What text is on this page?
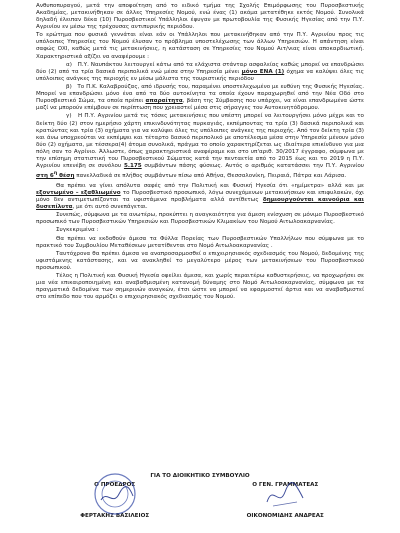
Ανθυποπυραγού, μετά την αποφοίτηση από το ειδικό τμήμα της Σχολής Επιμόρφωσης του Πυροσβεστικής Ακαδημίας, μετακινήθηκαν σε άλλες Υπηρεσίες Νομού, ενώ ένας (1) ακόμα μετατέθηκε εκτός Νομού. Συνολικά δηλαδή έλειπαν δέκα (10) Πυροσβεστικοί Υπάλληλοι έφυγαν με πρωτοβουλία της Φυσικής Ηγεσίας από την Π.Υ. Αγρινίου εν μέσω της τρέχουσας αντιπυρικής περιόδου.

Το ερώτημα που φυσικά γεννάται είναι εάν οι Υπάλληλοι που μετακινήθηκαν από την Π.Υ. Αγρινίου προς τις υπόλοιπες Υπηρεσίες του Νομού έλυσαν το πρόβλημα υποστελέχωσης των άλλων Υπηρεσιών. Η απάντηση είναι σαφώς ΟΧΙ, καθώς μετά τις μετακινήσεις, η κατάσταση σε Υπηρεσίες του Νομού Αιτ/νιας είναι αποκαρδιωτική. Χαρακτηριστικά αξίζει να αναφέρουμε :

α)   Π.Υ. Ναυπάκτου λειτουργεί κάτω από τα ελάχιστα στάνταρ ασφαλείας καθώς μπορεί να επανδρώσει δύο (2) από τα τρία δασικά περιπολικά ενώ μέσα στην Υπηρεσία μένει μόνο ΕΝΑ (1) όχημα να καλύψει όλες τις υπόλοιπες ανάγκες της περιοχής εν μέσω μάλιστα της τουριστικής περιόδου

β)   Το Π.Κ. Καλαβρούζας, από ιδρυσής του, παραμένει υποστελεχωμένο με ευθύνη της Φυσικής Ηγεσίας. Μπορεί να επανδρώσει μόνο ένα από τα δύο αυτοκίνητα τα οποία έχουν παραχωρηθεί από την Νέα Οδό στο Πυροσβεστικό Σώμα, τα οποία πρέπει απαραίτητα, βάση της Σύμβασης που υπάρχει, να είναι επανδρωμένα ώστε μαζί να μπορούν επέμβουν σε περίπτωση που χρειαστεί μέσα στις σήραγγες του Αυτοκινητόδρομου.

γ)   Η Π.Υ. Αγρινίου μετά τις τόσες μετακινήσεις που υπέστη μπορεί να λειτουργήσει μόνο μέχρι και το δείκτη δύο (2) στον ημερήσιο χάρτη επικινδυνότητας πυρκαγιάς, εκπέμποντας τα τρία (3) δασικά περιπολικά και κρατώντας και τρία (3) οχήματα για να καλύψει όλες τις υπόλοιπες ανάγκες της περιοχής. Από τον δείκτη τρία (3) και άνω υποχρεούται να εκπέμψει και τέταρτο δασικό περιπολικό με αποτέλεσμα μέσα στην Υπηρεσία μένουν μόνο δύο (2) οχήματα, με τέσσερα(4) άτομα συνολικά, πράγμα το οποίο χαρακτηρίζεται ως ιδιαίτερα επικίνδυνο για μια πόλη σαν το Αγρίνιο. Άλλωστε, όπως χαρακτηριστικά αναφέραμε και στο υπ'αριθ. 30/2017 έγγραφο, σύμφωνα με την επίσημη στατιστική του Πυροσβεστικού Σώματος κατά την πενταετία από το 2015 έως και το 2019 η Π.Υ. Αγρινίου επενέβη σε συνόλου 5.175 συμβάντων πάσης φύσεως. Αυτός ο αριθμός κατατάσσει την Π.Υ. Αγρινίου στη $6^\eta$ θέση πανελλαδικά σε πλήθος συμβάντων πίσω από Αθήνα, Θεσσαλονίκη, Πειραιά, Πάτρα και Λάρισα.

Θα πρέπει να γίνει απόλυτα σαφές από την Πολιτική και Φυσική Ηγεσία ότι «ημίμετρα» αλλά και με εξοντωμένο – εξαθλιωμένο το Πυροσβεστικό προσωπικό, λόγω συνεχόμενων μετακινήσεων και επιφυλακών, όχι μόνο δεν αντιμετωπίζονται τα υφιστάμενα προβλήματα αλλά αντίθετως δημιουργούνται καινούρια και δυσεπίλυτα, με ότι αυτό συνεπάγεται.

Συνεπώς, σύμφωνα με τα ανωτέρω, προκύπτει η αναγκαιότητα για άμεση ενίσχυση σε μόνιμο Πυροσβεστικό προσωπικό των Πυροσβεστικών Υπηρεσιών και Πυροσβεστικών Κλιμακίων του Νομού Αιτωλοακαρνανίας.

Συγκεκριμένα :

Θα πρέπει να εκδοθούν άμεσα τα Φύλλα Πορείας των Πυροσβεστικών Υπαλλήλων που σύμφωνα με το πρακτικό του Συμβουλίου Μεταθέσεων μετατίθενται στο Νομό Αιτωλοακαρνανίας .

Ταυτόχρονα θα πρέπει άμεσα να αναπροσαρμοσθεί ο επιχειρησιακός σχεδιασμός του Νομού, δεδομένης της υφιστάμενης κατάστασης, και να ανακληθεί το μεγαλύτερο μέρος των μετακινήσεων του Πυροσβεστικού προσωπικού.

Τέλος η Πολιτική και Φυσική Ηγεσία οφείλει άμεσα, και χωρίς περαιτέρω καθυστερήσεις, να προχωρήσει σε μια νέα επικαιροποιημένη και αναβαθμισμένη κατανομή δύναμης στο Νομό Αιτωλοακαρνανίας, σύμφωνα με τα πραγματικά δεδομένα των σημερινών αναγκών, έτσι ώστε να μπορεί να εφαρμοστεί άρτια και να αναβαθμιστεί στο επίπεδο που του αρμόζει ο επιχειρησιακός σχεδιασμός του Νομού.

ΓΙΑ ΤΟ ΔΙΟΙΚΗΤΙΚΟ ΣΥΜΒΟΥΛΙΟ
Ο ΠΡΟΕΔΡΟΣ
ΦΕΡΤΑΚΗΣ ΒΑΣΙΛΕΙΟΣ
Ο ΓΕΝ. ΓΡΑΜΜΑΤΕΑΣ
ΟΙΚΟΝΟΜΙΔΗΣ ΑΝΔΡΕΑΣ
